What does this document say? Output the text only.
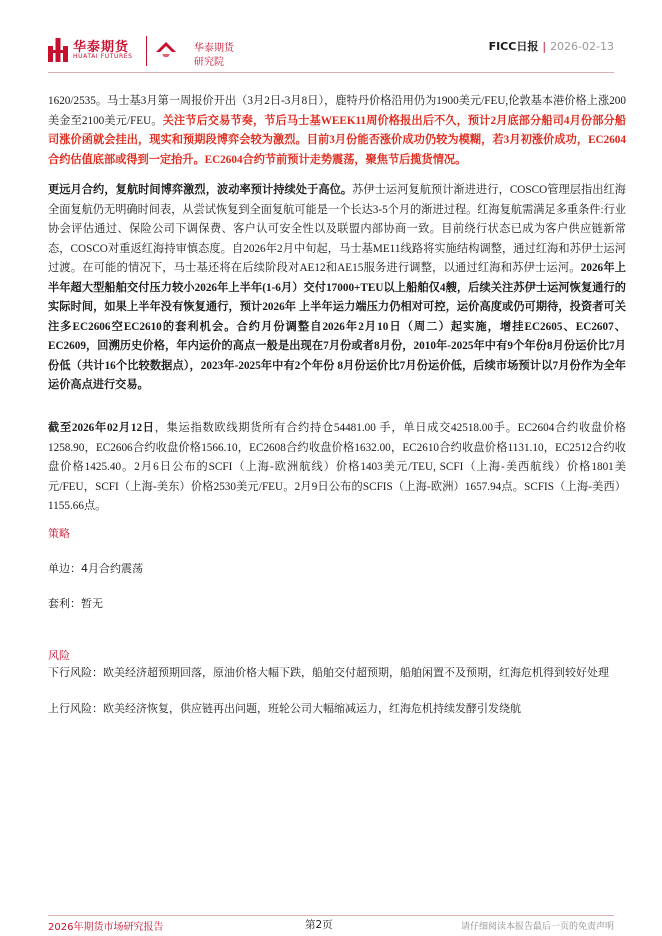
华泰期货
HUATAI FUTURES
华泰期货
研究院
FICC日报 | 2026-02-13
1620/2535。马士基3月第一周报价开出（3月2日-3月8日），鹿特丹价格沿用仍为1900美元/FEU,伦敦基本港价格上涨200美金至2100美元/FEU。关注节后交易节奏，节后马士基WEEK11周价格报出后不久，预计2月底部分船司4月份部分船司涨价函就会挂出，现实和预期段博弈会较为激烈。目前3月份能否涨价成功仍较为模糊，若3月初涨价成功，EC2604合约估值底部或得到一定抬升。EC2604合约节前预计走势震荡，聚焦节后揽货情况。
更远月合约，复航时间博弈激烈，波动率预计持续处于高位。苏伊士运河复航预计渐进进行，COSCO管理层指出红海全面复航仍无明确时间表，从尝试恢复到全面复航可能是一个长达3-5个月的渐进过程。红海复航需满足多重条件:行业协会评估通过、保险公司下调保费、客户认可安全性以及联盟内部协商一致。目前绕行状态已成为客户供应链新常态，COSCO对重返红海持审慎态度。自2026年2月中旬起，马士基ME11线路将实施结构调整，通过红海和苏伊士运河过渡。在可能的情况下，马士基还将在后续阶段对AE12和AE15服务进行调整，以通过红海和苏伊士运河。2026年上半年超大型船舶交付压力较小2026年上半年(1-6月）交付17000+TEU以上船舶仅4艘，后续关注苏伊士运河恢复通行的实际时间，如果上半年没有恢复通行，预计2026年 上半年运力端压力仍相对可控，运价高度或仍可期待，投资者可关注多EC2606空EC2610的套利机会。合约月份调整自2026年2月10日（周二）起实施，增挂EC2605、EC2607、EC2609，回溯历史价格，年内运价的高点一般是出现在7月份或者8月份，2010年-2025年中有9个年份8月份运价比7月份低（共计16个比较数据点），2023年-2025年中有2个年份 8月份运价比7月份运价低，后续市场预计以7月份作为全年运价高点进行交易。
截至2026年02月12日，集运指数欧线期货所有合约持仓54481.00 手，单日成交42518.00手。EC2604合约收盘价格1258.90，EC2606合约收盘价格1566.10，EC2608合约收盘价格1632.00，EC2610合约收盘价格1131.10，EC2512合约收盘价格1425.40。2月6日公布的SCFI（上海-欧洲航线）价格1403美元/TEU, SCFI（上海-美西航线）价格1801美元/FEU，SCFI（上海-美东）价格2530美元/FEU。2月9日公布的SCFIS（上海-欧洲）1657.94点。SCFIS（上海-美西）1155.66点。
策略
单边：4月合约震荡
套利：暂无
风险
下行风险：欧美经济超预期回落，原油价格大幅下跌，船舶交付超预期，船舶闲置不及预期，红海危机得到较好处理
上行风险：欧美经济恢复，供应链再出问题，班轮公司大幅缩减运力，红海危机持续发酵引发绕航
2026年期货市场研究报告	第2页	请仔细阅读本报告最后一页的免责声明
